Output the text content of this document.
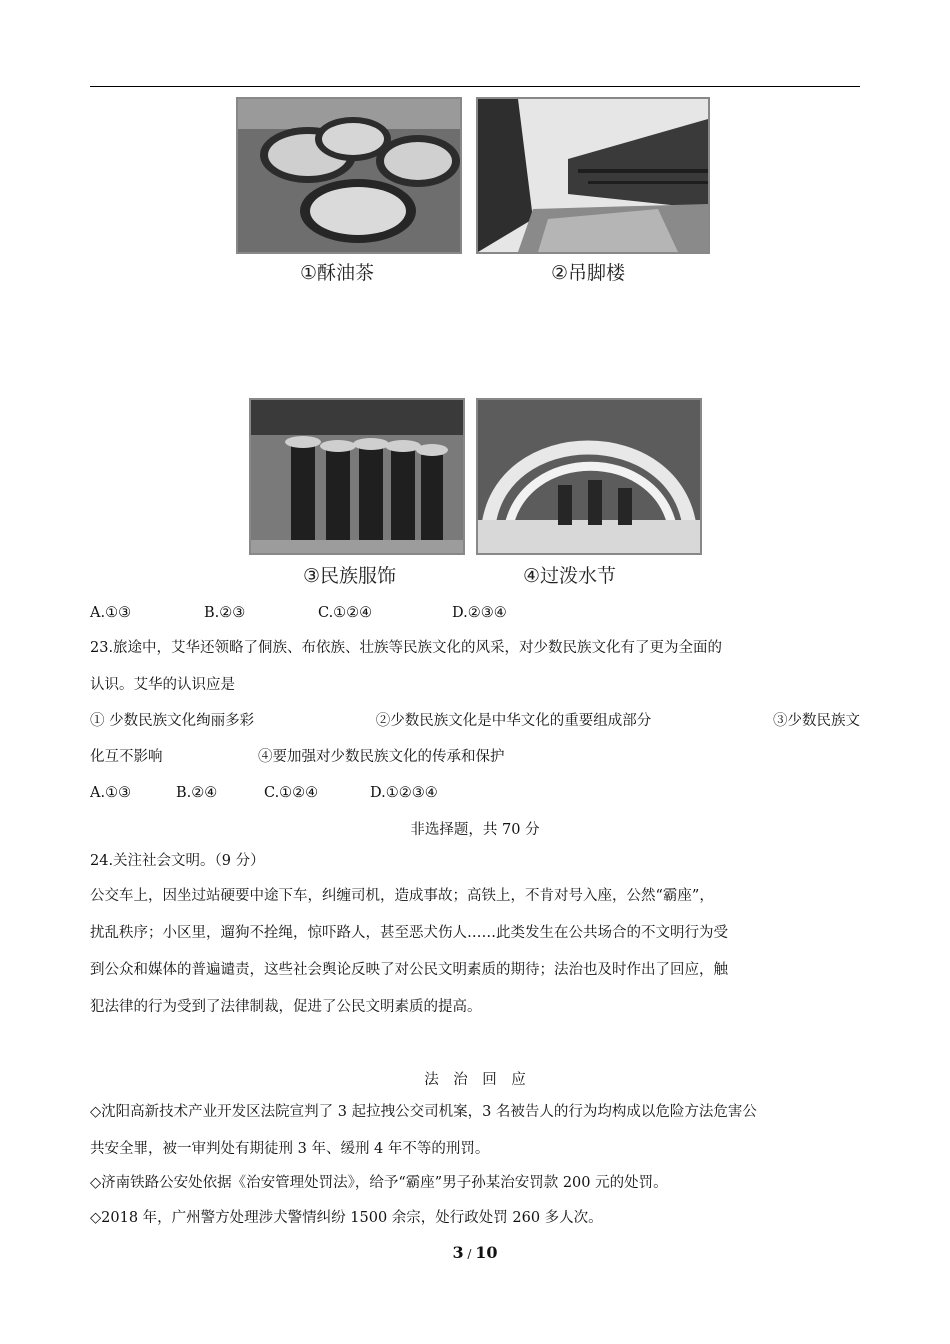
①酥油茶	②吊脚楼
③民族服饰	④过泼水节
A.①③	B.②③	C.①②④	D.②③④
23.旅途中，艾华还领略了侗族、布依族、壮族等民族文化的风采，对少数民族文化有了更为全面的
认识。艾华的认识应是
① 少数民族文化绚丽多彩	②少数民族文化是中华文化的重要组成部分	③少数民族文
化互不影响	④要加强对少数民族文化的传承和保护
A.①③	B.②④	C.①②④	D.①②③④
非选择题，共 70 分
24.关注社会文明。（9 分）
公交车上，因坐过站硬要中途下车，纠缠司机，造成事故；高铁上，不肯对号入座，公然“霸座”，
扰乱秩序；小区里，遛狗不拴绳，惊吓路人，甚至恶犬伤人……此类发生在公共场合的不文明行为受
到公众和媒体的普遍谴责，这些社会舆论反映了对公民文明素质的期待；法治也及时作出了回应，触
犯法律的行为受到了法律制裁，促进了公民文明素质的提高。
法　治　回　应
◇沈阳高新技术产业开发区法院宣判了 3 起拉拽公交司机案，3 名被告人的行为均构成以危险方法危害公
共安全罪，被一审判处有期徒刑 3 年、缓刑 4 年不等的刑罚。
◇济南铁路公安处依据《治安管理处罚法》，给予“霸座”男子孙某治安罚款 200 元的处罚。
◇2018 年，广州警方处理涉犬警情纠纷 1500 余宗，处行政处罚 260 多人次。
3 / 10
